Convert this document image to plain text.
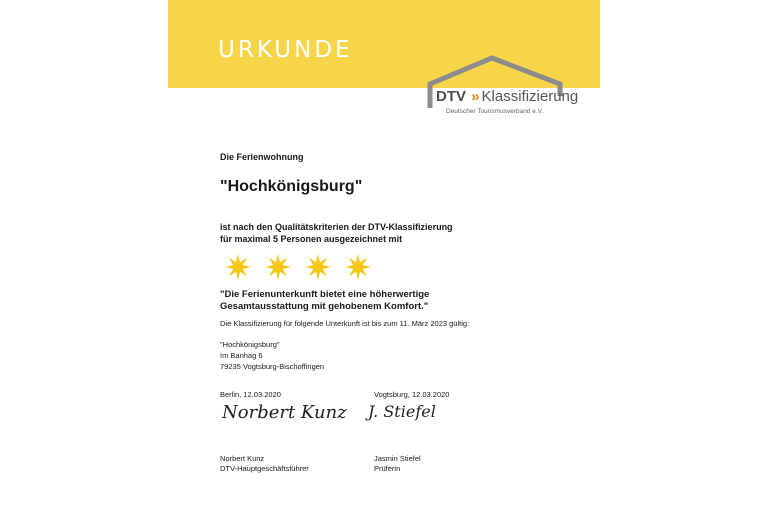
URKUNDE
DTV » Klassifizierung
Deutscher Tourismusverband e.V.
Die Ferienwohnung
"Hochkönigsburg"
ist nach den Qualitätskriterien der DTV-Klassifizierung
für maximal 5 Personen ausgezeichnet mit
"Die Ferienunterkunft bietet eine höherwertige
Gesamtausstattung mit gehobenem Komfort."
Die Klassifizierung für folgende Unterkunft ist bis zum 11. März 2023 gültig:
"Hochkönigsburg"
Im Banhag 6
79235 Vogtsburg-Bischoffingen
Berlin, 12.03.2020	Vogtsburg, 12.03.2020
Norbert Kunz J. Stiefel
Norbert Kunz
DTV-Hauptgeschäftsführer
Jasmin Stiefel
Prüferin
